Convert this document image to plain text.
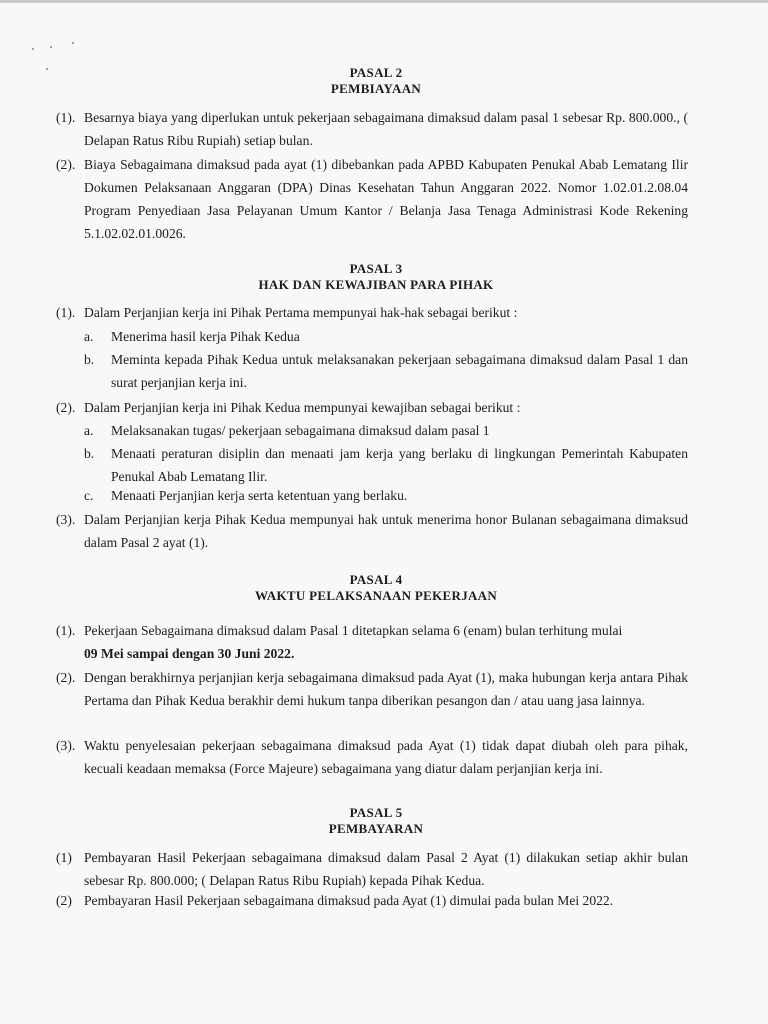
PASAL 2
PEMBIAYAAN
(1). Besarnya biaya yang diperlukan untuk pekerjaan sebagaimana dimaksud dalam pasal 1 sebesar Rp. 800.000., ( Delapan Ratus Ribu Rupiah) setiap bulan.
(2). Biaya Sebagaimana dimaksud pada ayat (1) dibebankan pada APBD Kabupaten Penukal Abab Lematang Ilir Dokumen Pelaksanaan Anggaran (DPA) Dinas Kesehatan Tahun Anggaran 2022. Nomor 1.02.01.2.08.04 Program Penyediaan Jasa Pelayanan Umum Kantor / Belanja Jasa Tenaga Administrasi Kode Rekening 5.1.02.02.01.0026.
PASAL 3
HAK DAN KEWAJIBAN PARA PIHAK
(1). Dalam Perjanjian kerja ini Pihak Pertama mempunyai hak-hak sebagai berikut :
a.	Menerima hasil kerja Pihak Kedua
b.	Meminta kepada Pihak Kedua untuk melaksanakan pekerjaan sebagaimana dimaksud dalam Pasal 1 dan surat perjanjian kerja ini.
(2). Dalam Perjanjian kerja ini Pihak Kedua mempunyai kewajiban sebagai berikut :
a.	Melaksanakan tugas/ pekerjaan sebagaimana dimaksud dalam pasal 1
b.	Menaati peraturan disiplin dan menaati jam kerja yang berlaku di lingkungan Pemerintah Kabupaten Penukal Abab Lematang Ilir.
c.	Menaati Perjanjian kerja serta ketentuan yang berlaku.
(3). Dalam Perjanjian kerja Pihak Kedua mempunyai hak untuk menerima honor Bulanan sebagaimana dimaksud dalam Pasal 2 ayat (1).
PASAL 4
WAKTU PELAKSANAAN PEKERJAAN
(1). Pekerjaan Sebagaimana dimaksud dalam Pasal 1 ditetapkan selama 6 (enam) bulan terhitung mulai
09 Mei sampai dengan 30 Juni 2022.
(2). Dengan berakhirnya perjanjian kerja sebagaimana dimaksud pada Ayat (1), maka hubungan kerja antara Pihak Pertama dan Pihak Kedua berakhir demi hukum tanpa diberikan pesangon dan / atau uang jasa lainnya.
(3). Waktu penyelesaian pekerjaan sebagaimana dimaksud pada Ayat (1) tidak dapat diubah oleh para pihak, kecuali keadaan memaksa (Force Majeure) sebagaimana yang diatur dalam perjanjian kerja ini.
PASAL 5
PEMBAYARAN
(1) Pembayaran Hasil Pekerjaan sebagaimana dimaksud dalam Pasal 2 Ayat (1) dilakukan setiap akhir bulan sebesar Rp. 800.000; ( Delapan Ratus Ribu Rupiah) kepada Pihak Kedua.
(2) Pembayaran Hasil Pekerjaan sebagaimana dimaksud pada Ayat (1) dimulai pada bulan Mei 2022.
